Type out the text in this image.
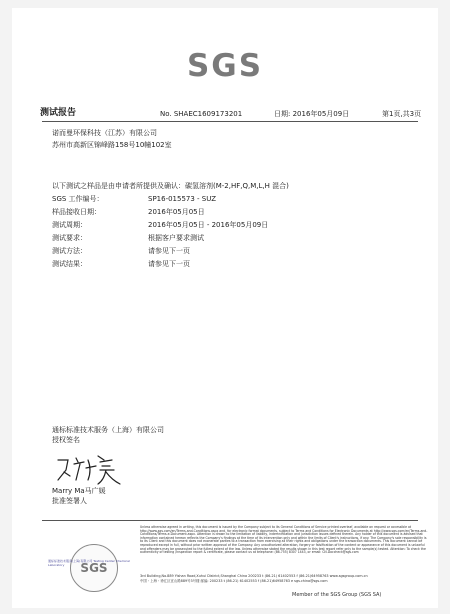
SGS
测试报告	No. SHAEC1609173201	日期: 2016年05月09日	第1页,共3页
诺而曼环保科技（江苏）有限公司
苏州市高新区锦峰路158号10幢102室
以下测试之样品是由申请者所提供及确认：碳氢溶剂(M-2,HF,Q,M,L,H 混合)
SGS 工作编号：	SP16-015573 - SUZ
样品接收日期：	2016年05月05日
测试周期：	2016年05月05日 - 2016年05月09日
测试要求：	根据客户要求测试
测试方法：	请参见下一页
测试结果：	请参见下一页
通标标准技术服务（上海）有限公司
授权签名
Marry Ma马广媛
批准签署人
SGS
通标标准技术服务(上海)有限公司 Testing Center Chemical Laboratory
Unless otherwise agreed in writing, this document is issued by the Company subject to its General Conditions of Service printed overleaf, available on request or accessible at http://www.sgs.com/en/Terms-and-Conditions.aspx and, for electronic format documents, subject to Terms and Conditions for Electronic Documents at http://www.sgs.com/en/Terms-and-Conditions/Terms-e-Document.aspx. Attention is drawn to the limitation of liability, indemnification and jurisdiction issues defined therein. Any holder of this document is advised that information contained hereon reflects the Company's findings at the time of its intervention only and within the limits of Client's instructions, if any. The Company's sole responsibility is to its Client and this document does not exonerate parties to a transaction from exercising all their rights and obligations under the transaction documents. This document cannot be reproduced except in full, without prior written approval of the Company. Any unauthorized alteration, forgery or falsification of the content or appearance of this document is unlawful and offenders may be prosecuted to the fullest extent of the law. Unless otherwise stated the results shown in this test report refer only to the sample(s) tested. Attention: To check the authenticity of testing /inspection report & certificate, please contact us at telephone: (86-755) 8307 1443, or email: CN.Doccheck@sgs.com
3rd Building,No.889 Yishan Road,Xuhui District,Shanghai China 200233 t (86-21) 61402553 f (86-21)64958763 www.sgsgroup.com.cn
中国・上海・徐汇区宜山路889号3号楼 邮编: 200233 t (86-21) 61402553 f (86-21)64958763 e sgs.china@sgs.com
Member of the SGS Group (SGS SA)
